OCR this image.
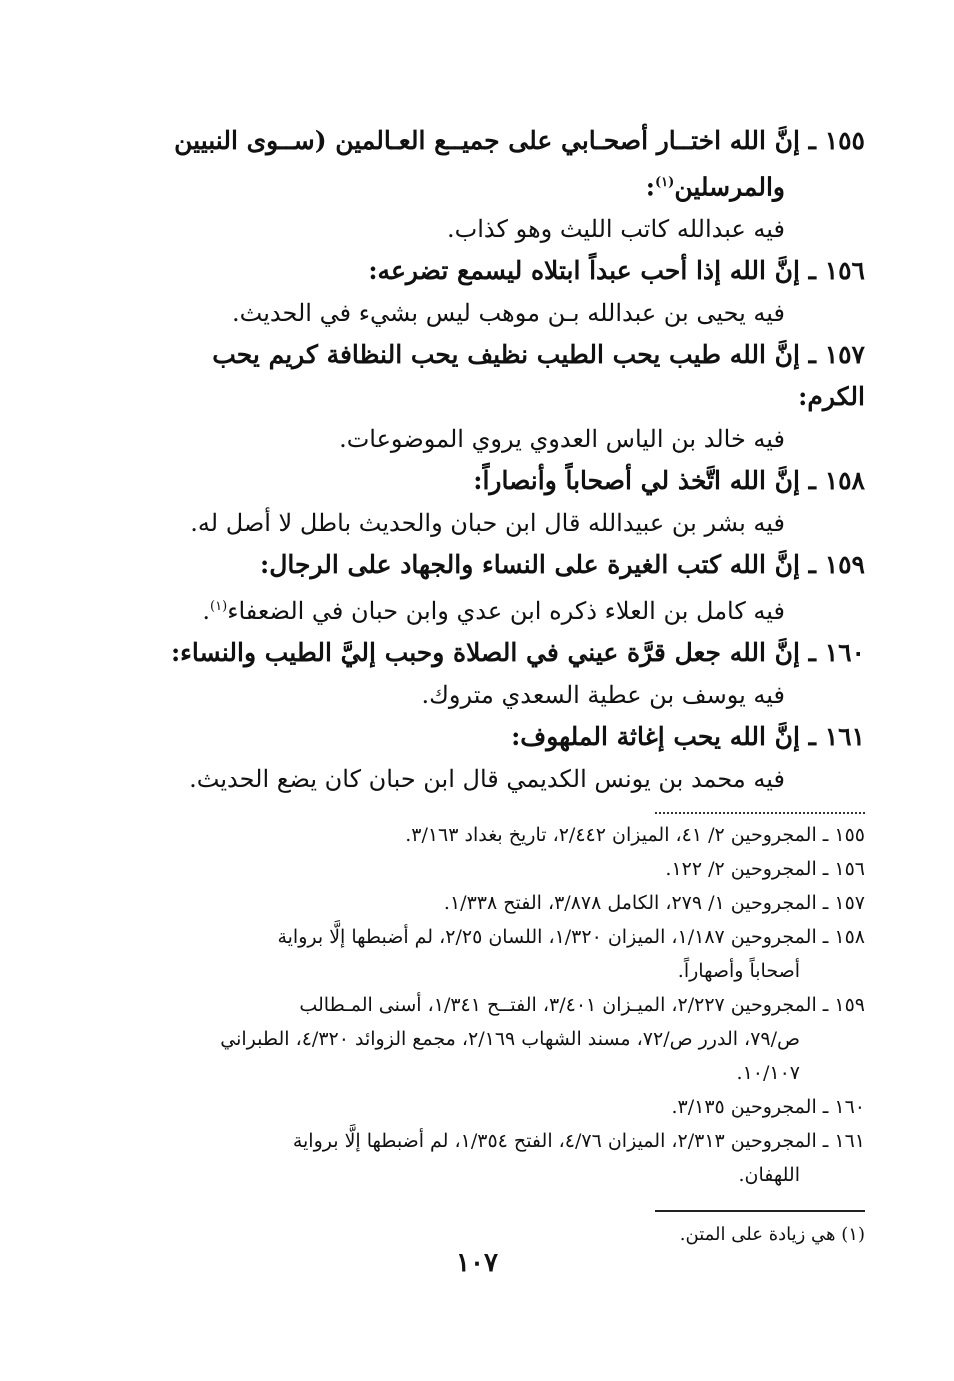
١٥٥ ـ إنَّ الله اختــار أصحـابي على جميــع العـالمين (ســوى النبيين
والمرسلين$^{(١)}$:

فيه عبدالله كاتب الليث وهو كذاب.

١٥٦ ـ إنَّ الله إذا أحب عبداً ابتلاه ليسمع تضرعه:

فيه يحيى بن عبدالله بـن موهب ليس بشيء في الحديث.

١٥٧ ـ إنَّ الله طيب يحب الطيب نظيف يحب النظافة كريم يحب الكرم:

فيه خالد بن الياس العدوي يروي الموضوعات.

١٥٨ ـ إنَّ الله اتَّخذ لي أصحاباً وأنصاراً:

فيه بشر بن عبيدالله قال ابن حبان والحديث باطل لا أصل له.

١٥٩ ـ إنَّ الله كتب الغيرة على النساء والجهاد على الرجال:

فيه كامل بن العلاء ذكره ابن عدي وابن حبان في الضعفاء$^{(١)}$.

١٦٠ ـ إنَّ الله جعل قرَّة عيني في الصلاة وحبب إليَّ الطيب والنساء:

فيه يوسف بن عطية السعدي متروك.

١٦١ ـ إنَّ الله يحب إغاثة الملهوف:

فيه محمد بن يونس الكديمي قال ابن حبان كان يضع الحديث.

١٥٥ ـ المجروحين ٢/ ٤١، الميزان ٢/٤٤٢، تاريخ بغداد ٣/١٦٣.

١٥٦ ـ المجروحين ٢/ ١٢٢.

١٥٧ ـ المجروحين ١/ ٢٧٩، الكامل ٣/٨٧٨، الفتح ١/٣٣٨.

١٥٨ ـ المجروحين ١/١٨٧، الميزان ١/٣٢٠، اللسان ٢/٢٥، لم أضبطها إلَّا برواية
أصحاباً وأصهاراً.

١٥٩ ـ المجروحين ٢/٢٢٧، الميـزان ٣/٤٠١، الفتــح ١/٣٤١، أسنى المـطالب
ص/٧٩، الدرر ص/٧٢، مسند الشهاب ٢/١٦٩، مجمع الزوائد ٤/٣٢٠، الطبراني ١٠/١٠٧.

١٦٠ ـ المجروحين ٣/١٣٥.

١٦١ ـ المجروحين ٢/٣١٣، الميزان ٤/٧٦، الفتح ١/٣٥٤، لم أضبطها إلَّا برواية
اللهفان.

(١) هي زيادة على المتن.

١٠٧
